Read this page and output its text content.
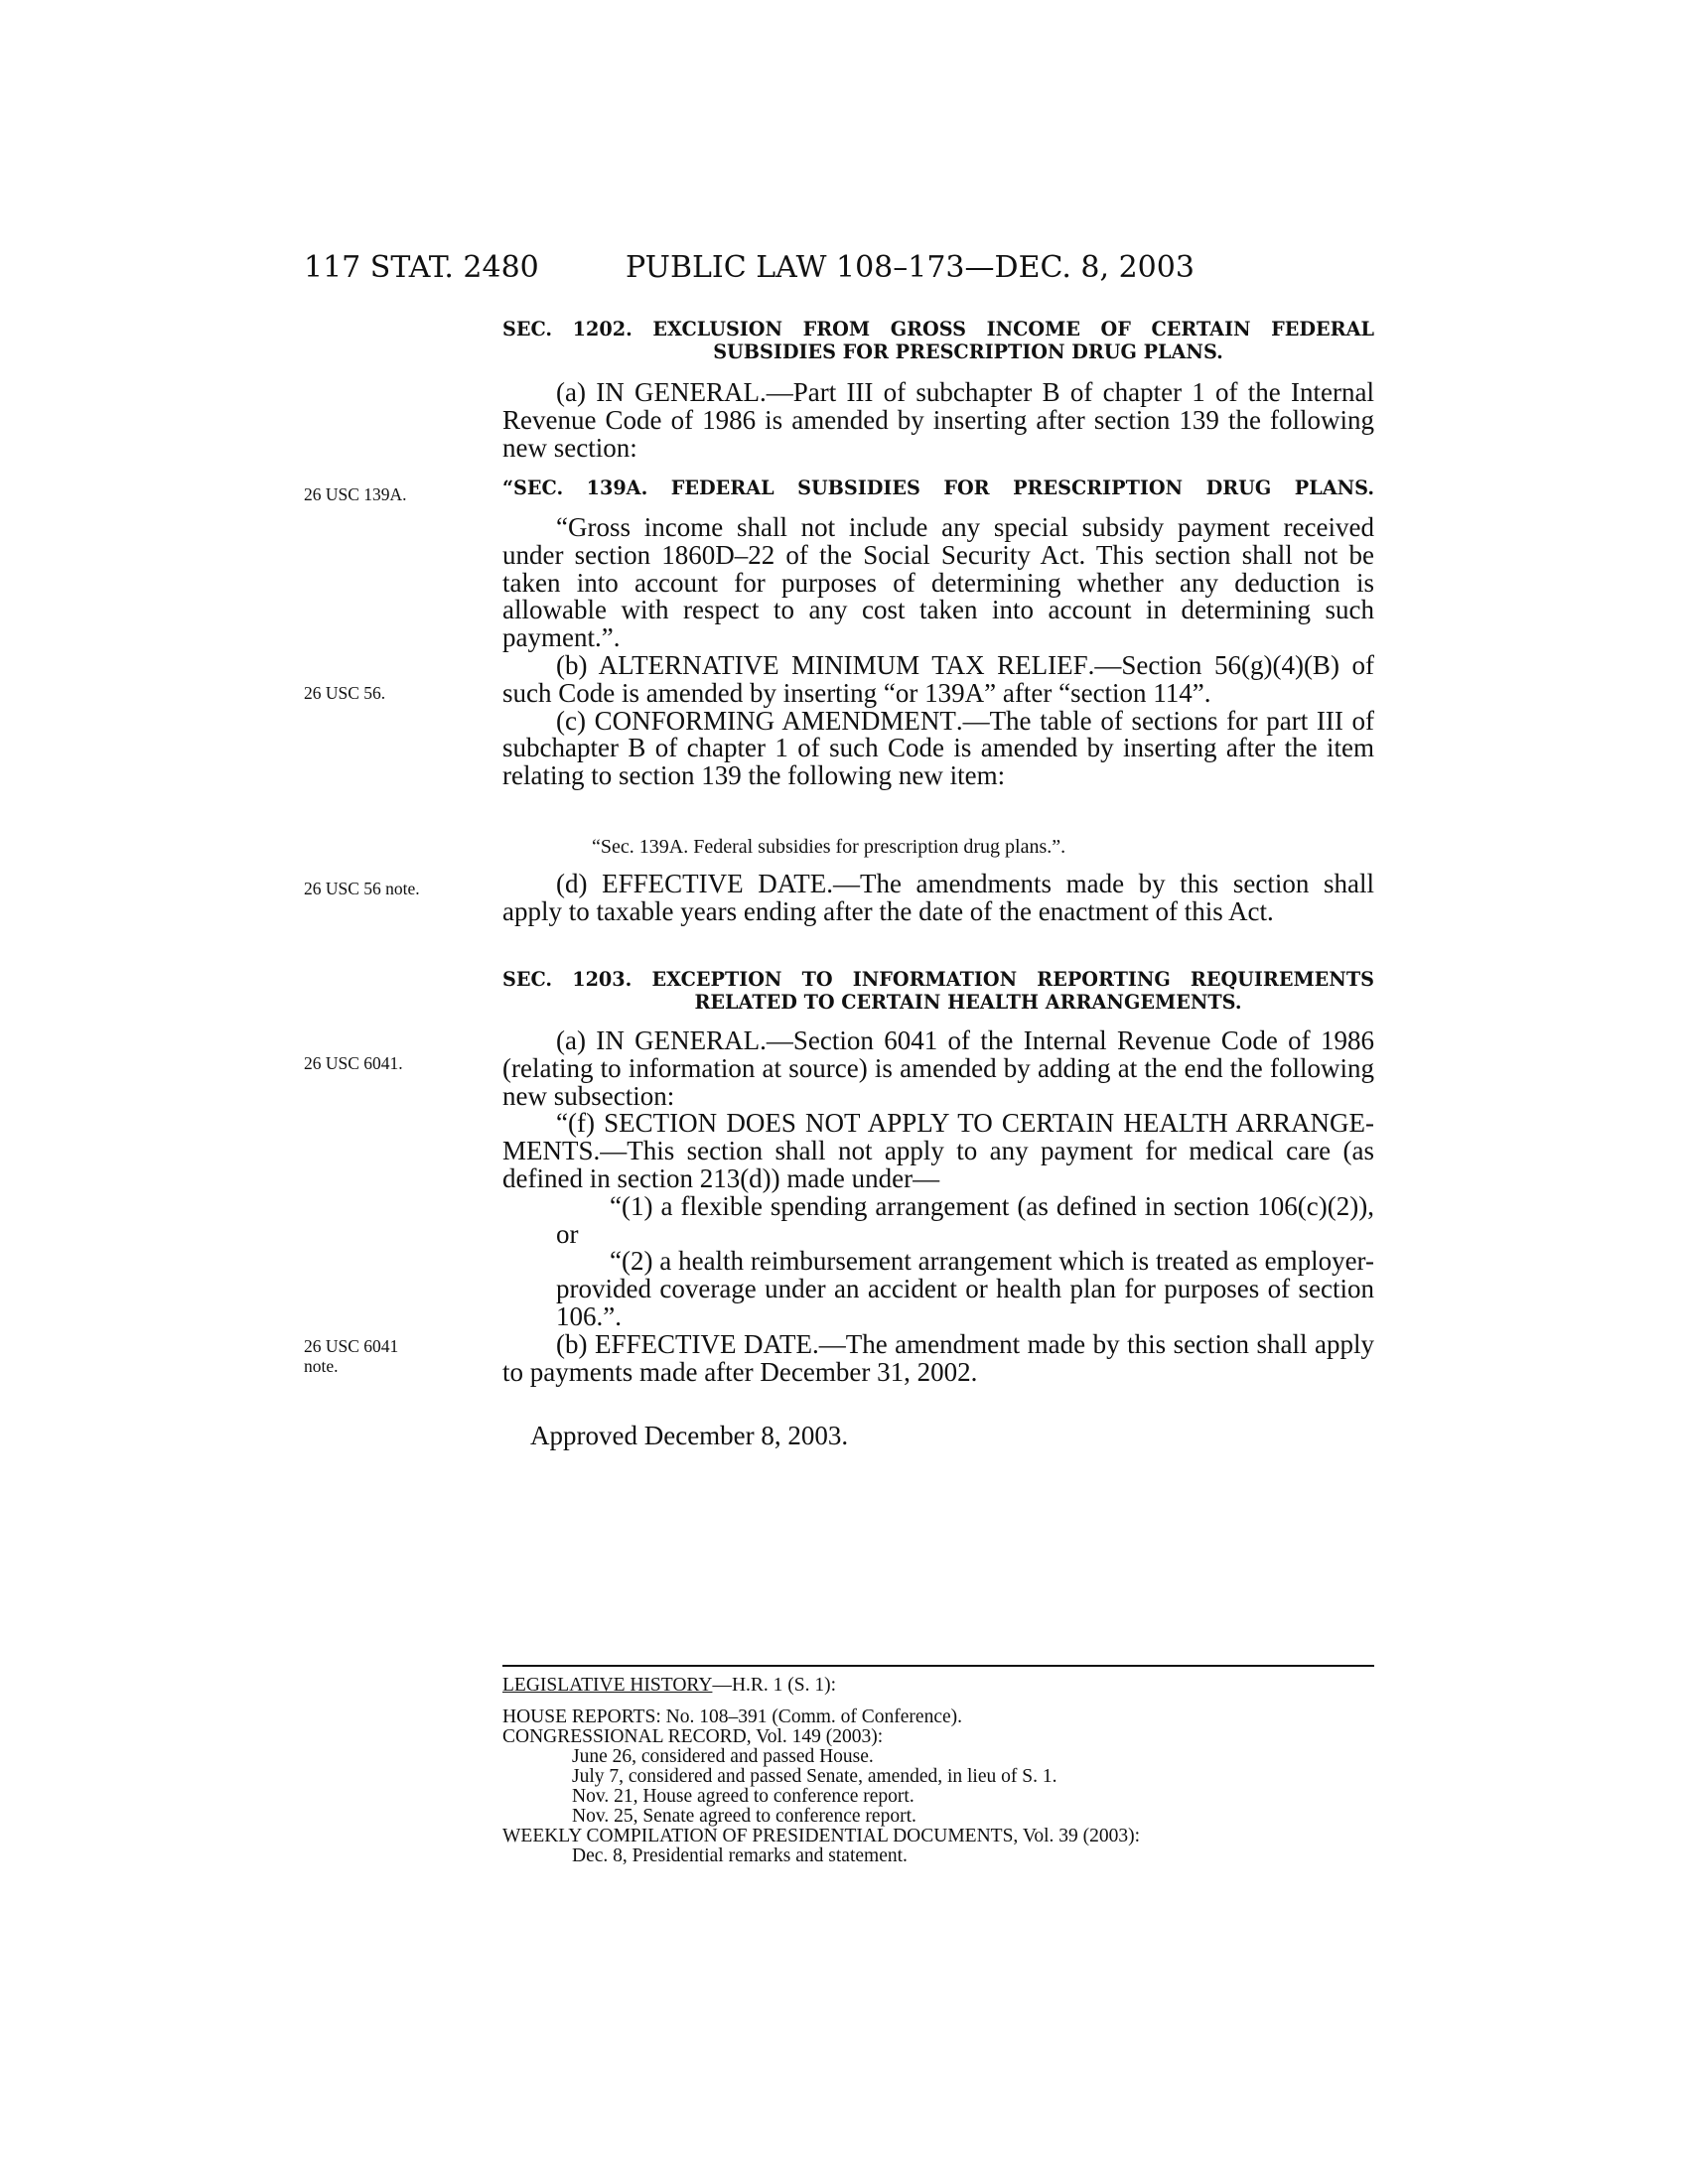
117 STAT. 2480	PUBLIC LAW 108–173—DEC. 8, 2003
26 USC 139A.
26 USC 56.
26 USC 56 note.
26 USC 6041.
26 USC 6041
note.
SEC. 1202. EXCLUSION FROM GROSS INCOME OF CERTAIN FEDERAL
SUBSIDIES FOR PRESCRIPTION DRUG PLANS.

(a) IN GENERAL.—Part III of subchapter B of chapter 1 of the Internal Revenue Code of 1986 is amended by inserting after section 139 the following new section:

“SEC. 139A. FEDERAL SUBSIDIES FOR PRESCRIPTION DRUG PLANS.

“Gross income shall not include any special subsidy payment received under section 1860D–22 of the Social Security Act. This section shall not be taken into account for purposes of determining whether any deduction is allowable with respect to any cost taken into account in determining such payment.”.

(b) ALTERNATIVE MINIMUM TAX RELIEF.—Section 56(g)(4)(B) of such Code is amended by inserting “or 139A” after “section 114”.

(c) CONFORMING AMENDMENT.—The table of sections for part III of subchapter B of chapter 1 of such Code is amended by inserting after the item relating to section 139 the following new item:

“Sec. 139A. Federal subsidies for prescription drug plans.”.

(d) EFFECTIVE DATE.—The amendments made by this section shall apply to taxable years ending after the date of the enactment of this Act.

SEC. 1203. EXCEPTION TO INFORMATION REPORTING REQUIREMENTS
RELATED TO CERTAIN HEALTH ARRANGEMENTS.

(a) IN GENERAL.—Section 6041 of the Internal Revenue Code of 1986 (relating to information at source) is amended by adding at the end the following new subsection:

“(f) SECTION DOES NOT APPLY TO CERTAIN HEALTH ARRANGE-MENTS.—This section shall not apply to any payment for medical care (as defined in section 213(d)) made under—

“(1) a flexible spending arrangement (as defined in section 106(c)(2)), or

“(2) a health reimbursement arrangement which is treated as employer-provided coverage under an accident or health plan for purposes of section 106.”.

(b) EFFECTIVE DATE.—The amendment made by this section shall apply to payments made after December 31, 2002.

Approved December 8, 2003.
LEGISLATIVE HISTORY—H.R. 1 (S. 1):
HOUSE REPORTS: No. 108–391 (Comm. of Conference).
CONGRESSIONAL RECORD, Vol. 149 (2003):
June 26, considered and passed House.
July 7, considered and passed Senate, amended, in lieu of S. 1.
Nov. 21, House agreed to conference report.
Nov. 25, Senate agreed to conference report.
WEEKLY COMPILATION OF PRESIDENTIAL DOCUMENTS, Vol. 39 (2003):
Dec. 8, Presidential remarks and statement.
